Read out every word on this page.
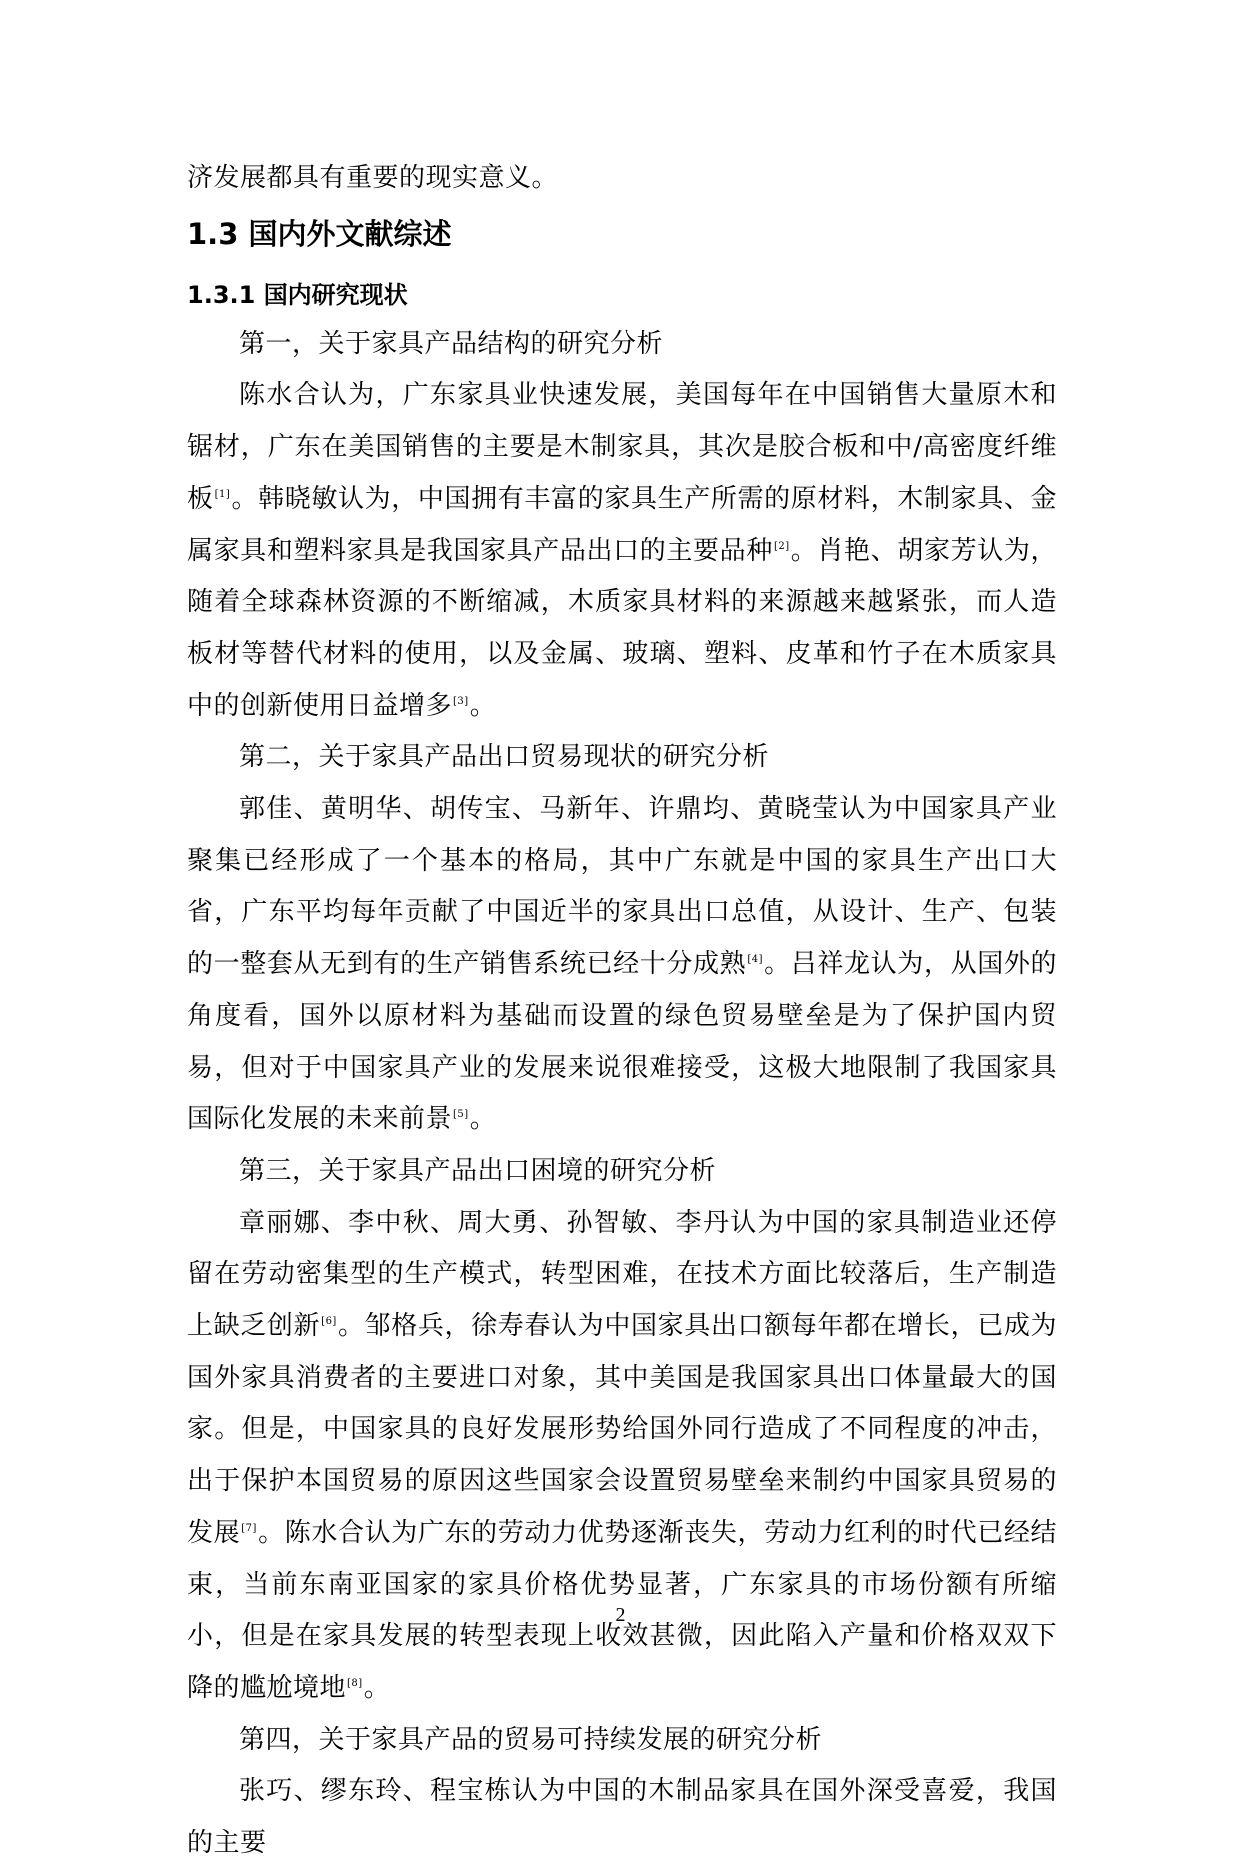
济发展都具有重要的现实意义。

1.3 国内外文献综述
1.3.1 国内研究现状

第一，关于家具产品结构的研究分析

陈水合认为，广东家具业快速发展，美国每年在中国销售大量原木和锯材，广东在美国销售的主要是木制家具，其次是胶合板和中/高密度纤维板[1]。韩晓敏认为，中国拥有丰富的家具生产所需的原材料，木制家具、金属家具和塑料家具是我国家具产品出口的主要品种[2]。肖艳、胡家芳认为，随着全球森林资源的不断缩减，木质家具材料的来源越来越紧张，而人造板材等替代材料的使用，以及金属、玻璃、塑料、皮革和竹子在木质家具中的创新使用日益增多[3]。

第二，关于家具产品出口贸易现状的研究分析

郭佳、黄明华、胡传宝、马新年、许鼎均、黄晓莹认为中国家具产业聚集已经形成了一个基本的格局，其中广东就是中国的家具生产出口大省，广东平均每年贡献了中国近半的家具出口总值，从设计、生产、包装的一整套从无到有的生产销售系统已经十分成熟[4]。吕祥龙认为，从国外的角度看，国外以原材料为基础而设置的绿色贸易壁垒是为了保护国内贸易，但对于中国家具产业的发展来说很难接受，这极大地限制了我国家具国际化发展的未来前景[5]。

第三，关于家具产品出口困境的研究分析

章丽娜、李中秋、周大勇、孙智敏、李丹认为中国的家具制造业还停留在劳动密集型的生产模式，转型困难，在技术方面比较落后，生产制造上缺乏创新[6]。邹格兵，徐寿春认为中国家具出口额每年都在增长，已成为国外家具消费者的主要进口对象，其中美国是我国家具出口体量最大的国家。但是，中国家具的良好发展形势给国外同行造成了不同程度的冲击，出于保护本国贸易的原因这些国家会设置贸易壁垒来制约中国家具贸易的发展[7]。陈水合认为广东的劳动力优势逐渐丧失，劳动力红利的时代已经结束，当前东南亚国家的家具价格优势显著，广东家具的市场份额有所缩小，但是在家具发展的转型表现上收效甚微，因此陷入产量和价格双双下降的尴尬境地[8]。

第四，关于家具产品的贸易可持续发展的研究分析

张巧、缪东玲、程宝栋认为中国的木制品家具在国外深受喜爱，我国的主要

2
